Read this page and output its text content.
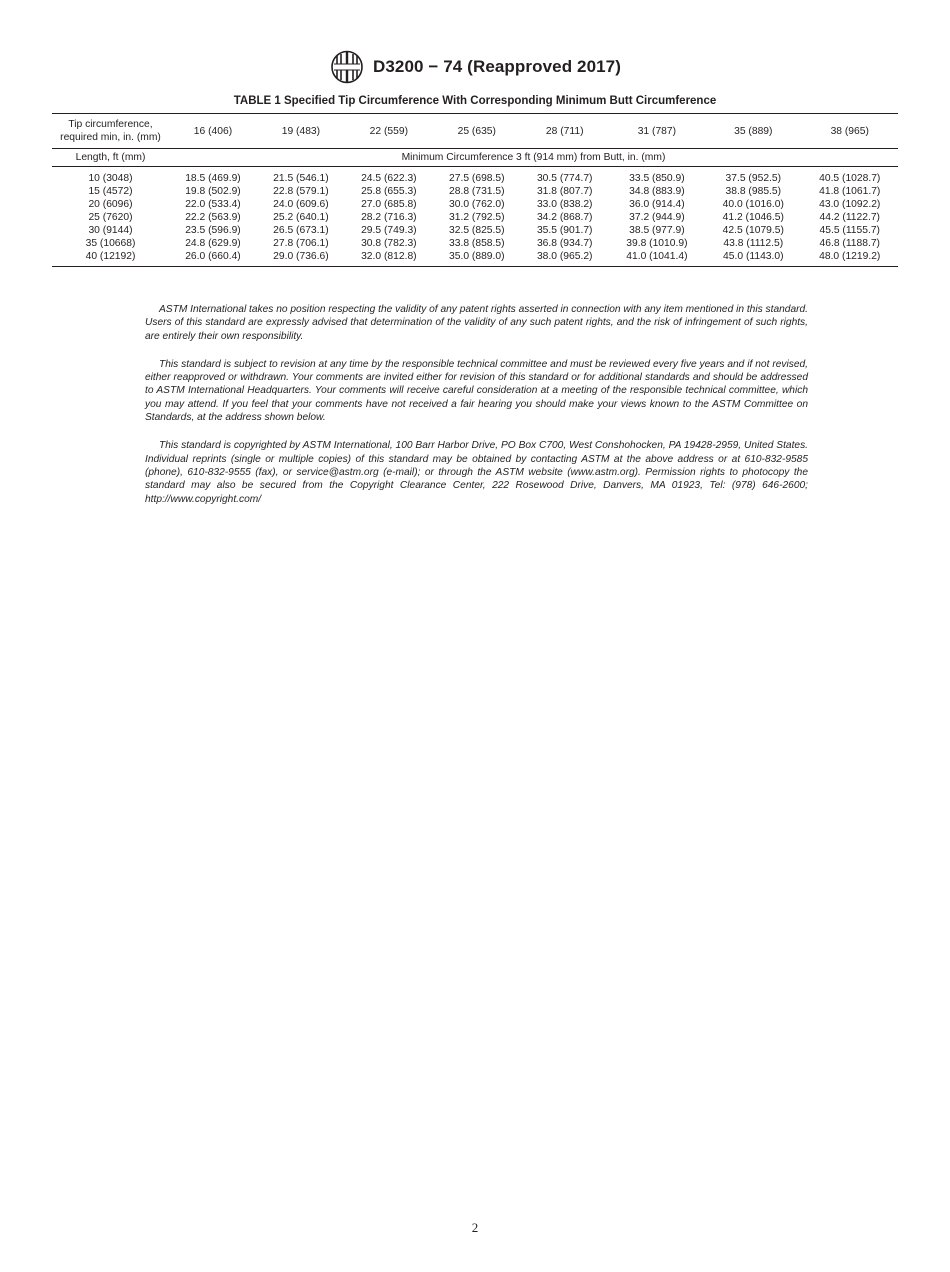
D3200 − 74 (Reapproved 2017)
TABLE 1 Specified Tip Circumference With Corresponding Minimum Butt Circumference
Tip circumference,
required min, in. (mm)	16 (406)	19 (483)	22 (559)	25 (635)	28 (711)	31 (787)	35 (889)	38 (965)
Length, ft (mm)	Minimum Circumference 3 ft (914 mm) from Butt, in. (mm)							
10 (3048)	18.5 (469.9)	21.5 (546.1)	24.5 (622.3)	27.5 (698.5)	30.5 (774.7)	33.5 (850.9)	37.5 (952.5)	40.5 (1028.7)
15 (4572)	19.8 (502.9)	22.8 (579.1)	25.8 (655.3)	28.8 (731.5)	31.8 (807.7)	34.8 (883.9)	38.8 (985.5)	41.8 (1061.7)
20 (6096)	22.0 (533.4)	24.0 (609.6)	27.0 (685.8)	30.0 (762.0)	33.0 (838.2)	36.0 (914.4)	40.0 (1016.0)	43.0 (1092.2)
25 (7620)	22.2 (563.9)	25.2 (640.1)	28.2 (716.3)	31.2 (792.5)	34.2 (868.7)	37.2 (944.9)	41.2 (1046.5)	44.2 (1122.7)
30 (9144)	23.5 (596.9)	26.5 (673.1)	29.5 (749.3)	32.5 (825.5)	35.5 (901.7)	38.5 (977.9)	42.5 (1079.5)	45.5 (1155.7)
35 (10668)	24.8 (629.9)	27.8 (706.1)	30.8 (782.3)	33.8 (858.5)	36.8 (934.7)	39.8 (1010.9)	43.8 (1112.5)	46.8 (1188.7)
40 (12192)	26.0 (660.4)	29.0 (736.6)	32.0 (812.8)	35.0 (889.0)	38.0 (965.2)	41.0 (1041.4)	45.0 (1143.0)	48.0 (1219.2)

ASTM International takes no position respecting the validity of any patent rights asserted in connection with any item mentioned in this standard. Users of this standard are expressly advised that determination of the validity of any such patent rights, and the risk of infringement of such rights, are entirely their own responsibility.

This standard is subject to revision at any time by the responsible technical committee and must be reviewed every five years and if not revised, either reapproved or withdrawn. Your comments are invited either for revision of this standard or for additional standards and should be addressed to ASTM International Headquarters. Your comments will receive careful consideration at a meeting of the responsible technical committee, which you may attend. If you feel that your comments have not received a fair hearing you should make your views known to the ASTM Committee on Standards, at the address shown below.

This standard is copyrighted by ASTM International, 100 Barr Harbor Drive, PO Box C700, West Conshohocken, PA 19428-2959, United States. Individual reprints (single or multiple copies) of this standard may be obtained by contacting ASTM at the above address or at 610-832-9585 (phone), 610-832-9555 (fax), or service@astm.org (e-mail); or through the ASTM website (www.astm.org). Permission rights to photocopy the standard may also be secured from the Copyright Clearance Center, 222 Rosewood Drive, Danvers, MA 01923, Tel: (978) 646-2600; http://www.copyright.com/

2
